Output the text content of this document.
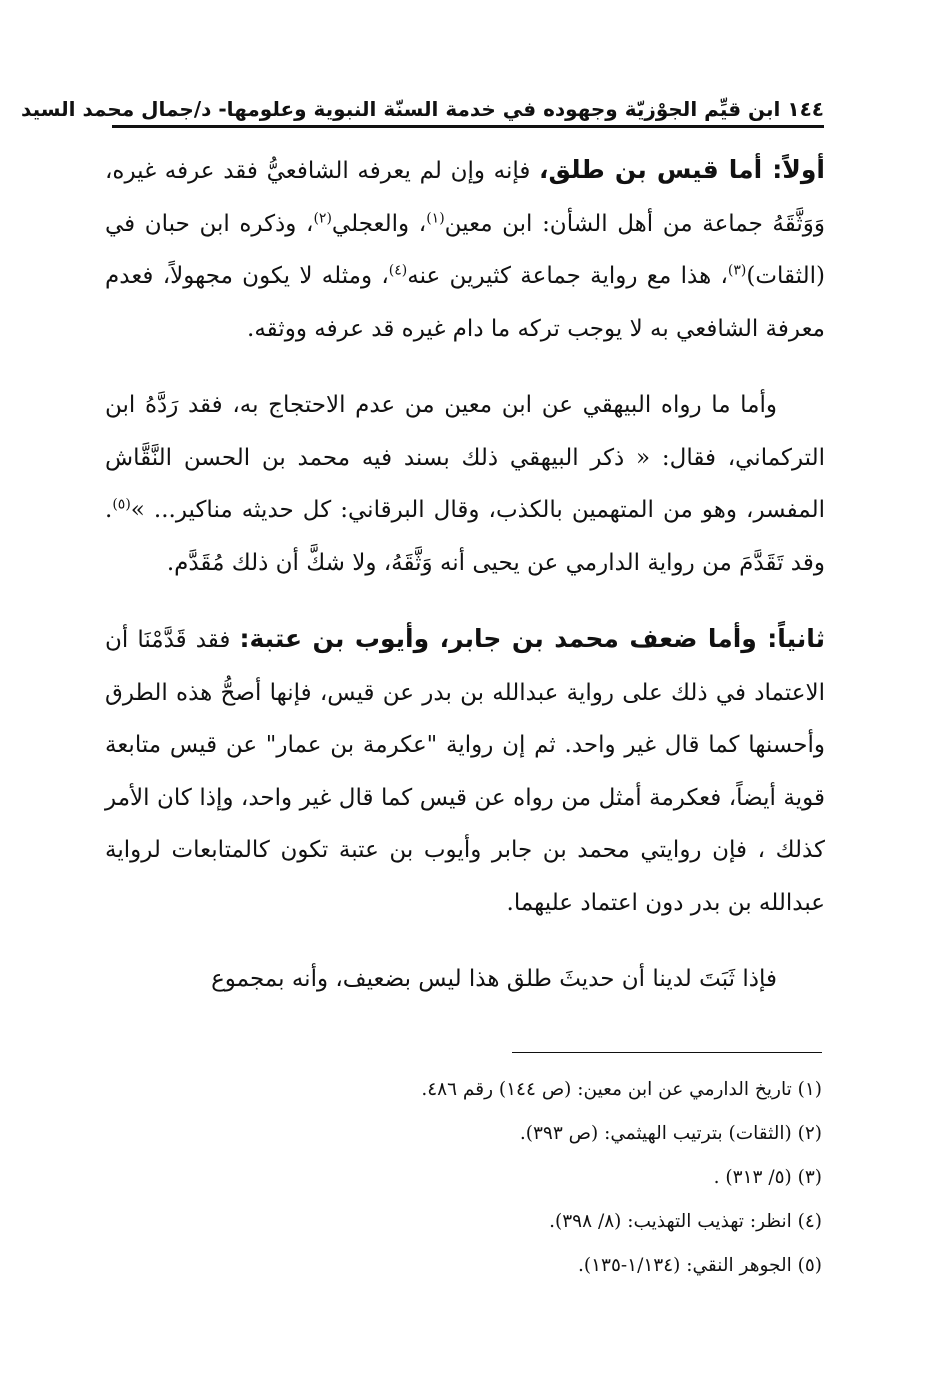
١٤٤ ابن قيِّم الجوْزيّة وجهوده في خدمة السنّة النبوية وعلومها- د/جمال محمد السيد

أولاً: أما قيس بن طلق، فإنه وإن لم يعرفه الشافعيُّ فقد عرفه غيره، وَوَثَّقَهُ جماعة من أهل الشأن: ابن معين$^{(١)}$، والعجلي$^{(٢)}$، وذكره ابن حبان في (الثقات)$^{(٣)}$، هذا مع رواية جماعة كثيرين عنه$^{(٤)}$، ومثله لا يكون مجهولاً، فعدم معرفة الشافعي به لا يوجب تركه ما دام غيره قد عرفه ووثقه.

وأما ما رواه البيهقي عن ابن معين من عدم الاحتجاج به، فقد رَدَّهُ ابن التركماني، فقال: « ذكر البيهقي ذلك بسند فيه محمد بن الحسن النَّقَّاش المفسر، وهو من المتهمين بالكذب، وقال البرقاني: كل حديثه مناكير... »$^{(٥)}$. وقد تَقَدَّمَ من رواية الدارمي عن يحيى أنه وَثَّقَهُ، ولا شكَّ أن ذلك مُقَدَّم.

ثانياً: وأما ضعف محمد بن جابر، وأيوب بن عتبة: فقد قَدَّمْنَا أن الاعتماد في ذلك على رواية عبدالله بن بدر عن قيس، فإنها أصحُّ هذه الطرق وأحسنها كما قال غير واحد. ثم إن رواية "عكرمة بن عمار" عن قيس متابعة قوية أيضاً، فعكرمة أمثل من رواه عن قيس كما قال غير واحد، وإذا كان الأمر كذلك ، فإن روايتي محمد بن جابر وأيوب بن عتبة تكون كالمتابعات لرواية عبدالله بن بدر دون اعتماد عليهما.

فإذا ثَبَتَ لدينا أن حديثَ طلق هذا ليس بضعيف، وأنه بمجموع

(١) تاريخ الدارمي عن ابن معين: (ص ١٤٤) رقم ٤٨٦.

(٢) (الثقات) بترتيب الهيثمي: (ص ٣٩٣).

(٣) (٥/ ٣١٣) .

(٤) انظر: تهذيب التهذيب: (٨/ ٣٩٨).

(٥) الجوهر النقي: (١/١٣٤-١٣٥).
